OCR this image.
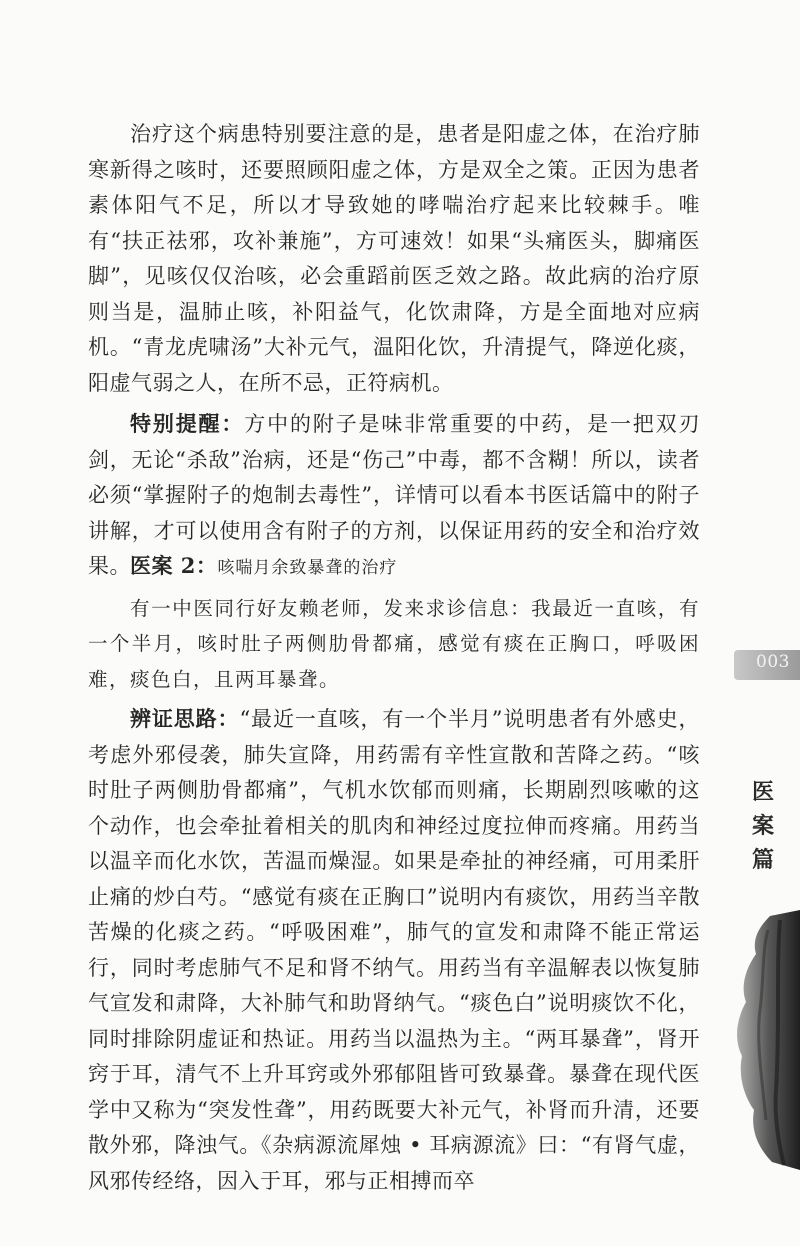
治疗这个病患特别要注意的是，患者是阳虚之体，在治疗肺寒新得之咳时，还要照顾阳虚之体，方是双全之策。正因为患者素体阳气不足，所以才导致她的哮喘治疗起来比较棘手。唯有“扶正祛邪，攻补兼施”，方可速效！如果“头痛医头，脚痛医脚”，见咳仅仅治咳，必会重蹈前医乏效之路。故此病的治疗原则当是，温肺止咳，补阳益气，化饮肃降，方是全面地对应病机。“青龙虎啸汤”大补元气，温阳化饮，升清提气，降逆化痰，阳虚气弱之人，在所不忌，正符病机。

特别提醒：方中的附子是味非常重要的中药，是一把双刃剑，无论“杀敌”治病，还是“伤己”中毒，都不含糊！所以，读者必须“掌握附子的炮制去毒性”，详情可以看本书医话篇中的附子讲解，才可以使用含有附子的方剂，以保证用药的安全和治疗效果。 医案 2：咳喘月余致暴聋的治疗

有一中医同行好友赖老师，发来求诊信息：我最近一直咳，有一个半月，咳时肚子两侧肋骨都痛，感觉有痰在正胸口，呼吸困难，痰色白，且两耳暴聋。

辨证思路：“最近一直咳，有一个半月”说明患者有外感史，考虑外邪侵袭，肺失宣降，用药需有辛性宣散和苦降之药。“咳时肚子两侧肋骨都痛”，气机水饮郁而则痛，长期剧烈咳嗽的这个动作，也会牵扯着相关的肌肉和神经过度拉伸而疼痛。用药当以温辛而化水饮，苦温而燥湿。如果是牵扯的神经痛，可用柔肝止痛的炒白芍。“感觉有痰在正胸口”说明内有痰饮，用药当辛散苦燥的化痰之药。“呼吸困难”，肺气的宣发和肃降不能正常运行，同时考虑肺气不足和肾不纳气。用药当有辛温解表以恢复肺气宣发和肃降，大补肺气和助肾纳气。“痰色白”说明痰饮不化，同时排除阴虚证和热证。用药当以温热为主。“两耳暴聋”，肾开窍于耳，清气不上升耳窍或外邪郁阻皆可致暴聋。暴聋在现代医学中又称为“突发性聋”，用药既要大补元气，补肾而升清，还要散外邪，降浊气。《杂病源流犀烛 • 耳病源流》曰：“有肾气虚，风邪传经络，因入于耳，邪与正相搏而卒

003
医
案
篇
